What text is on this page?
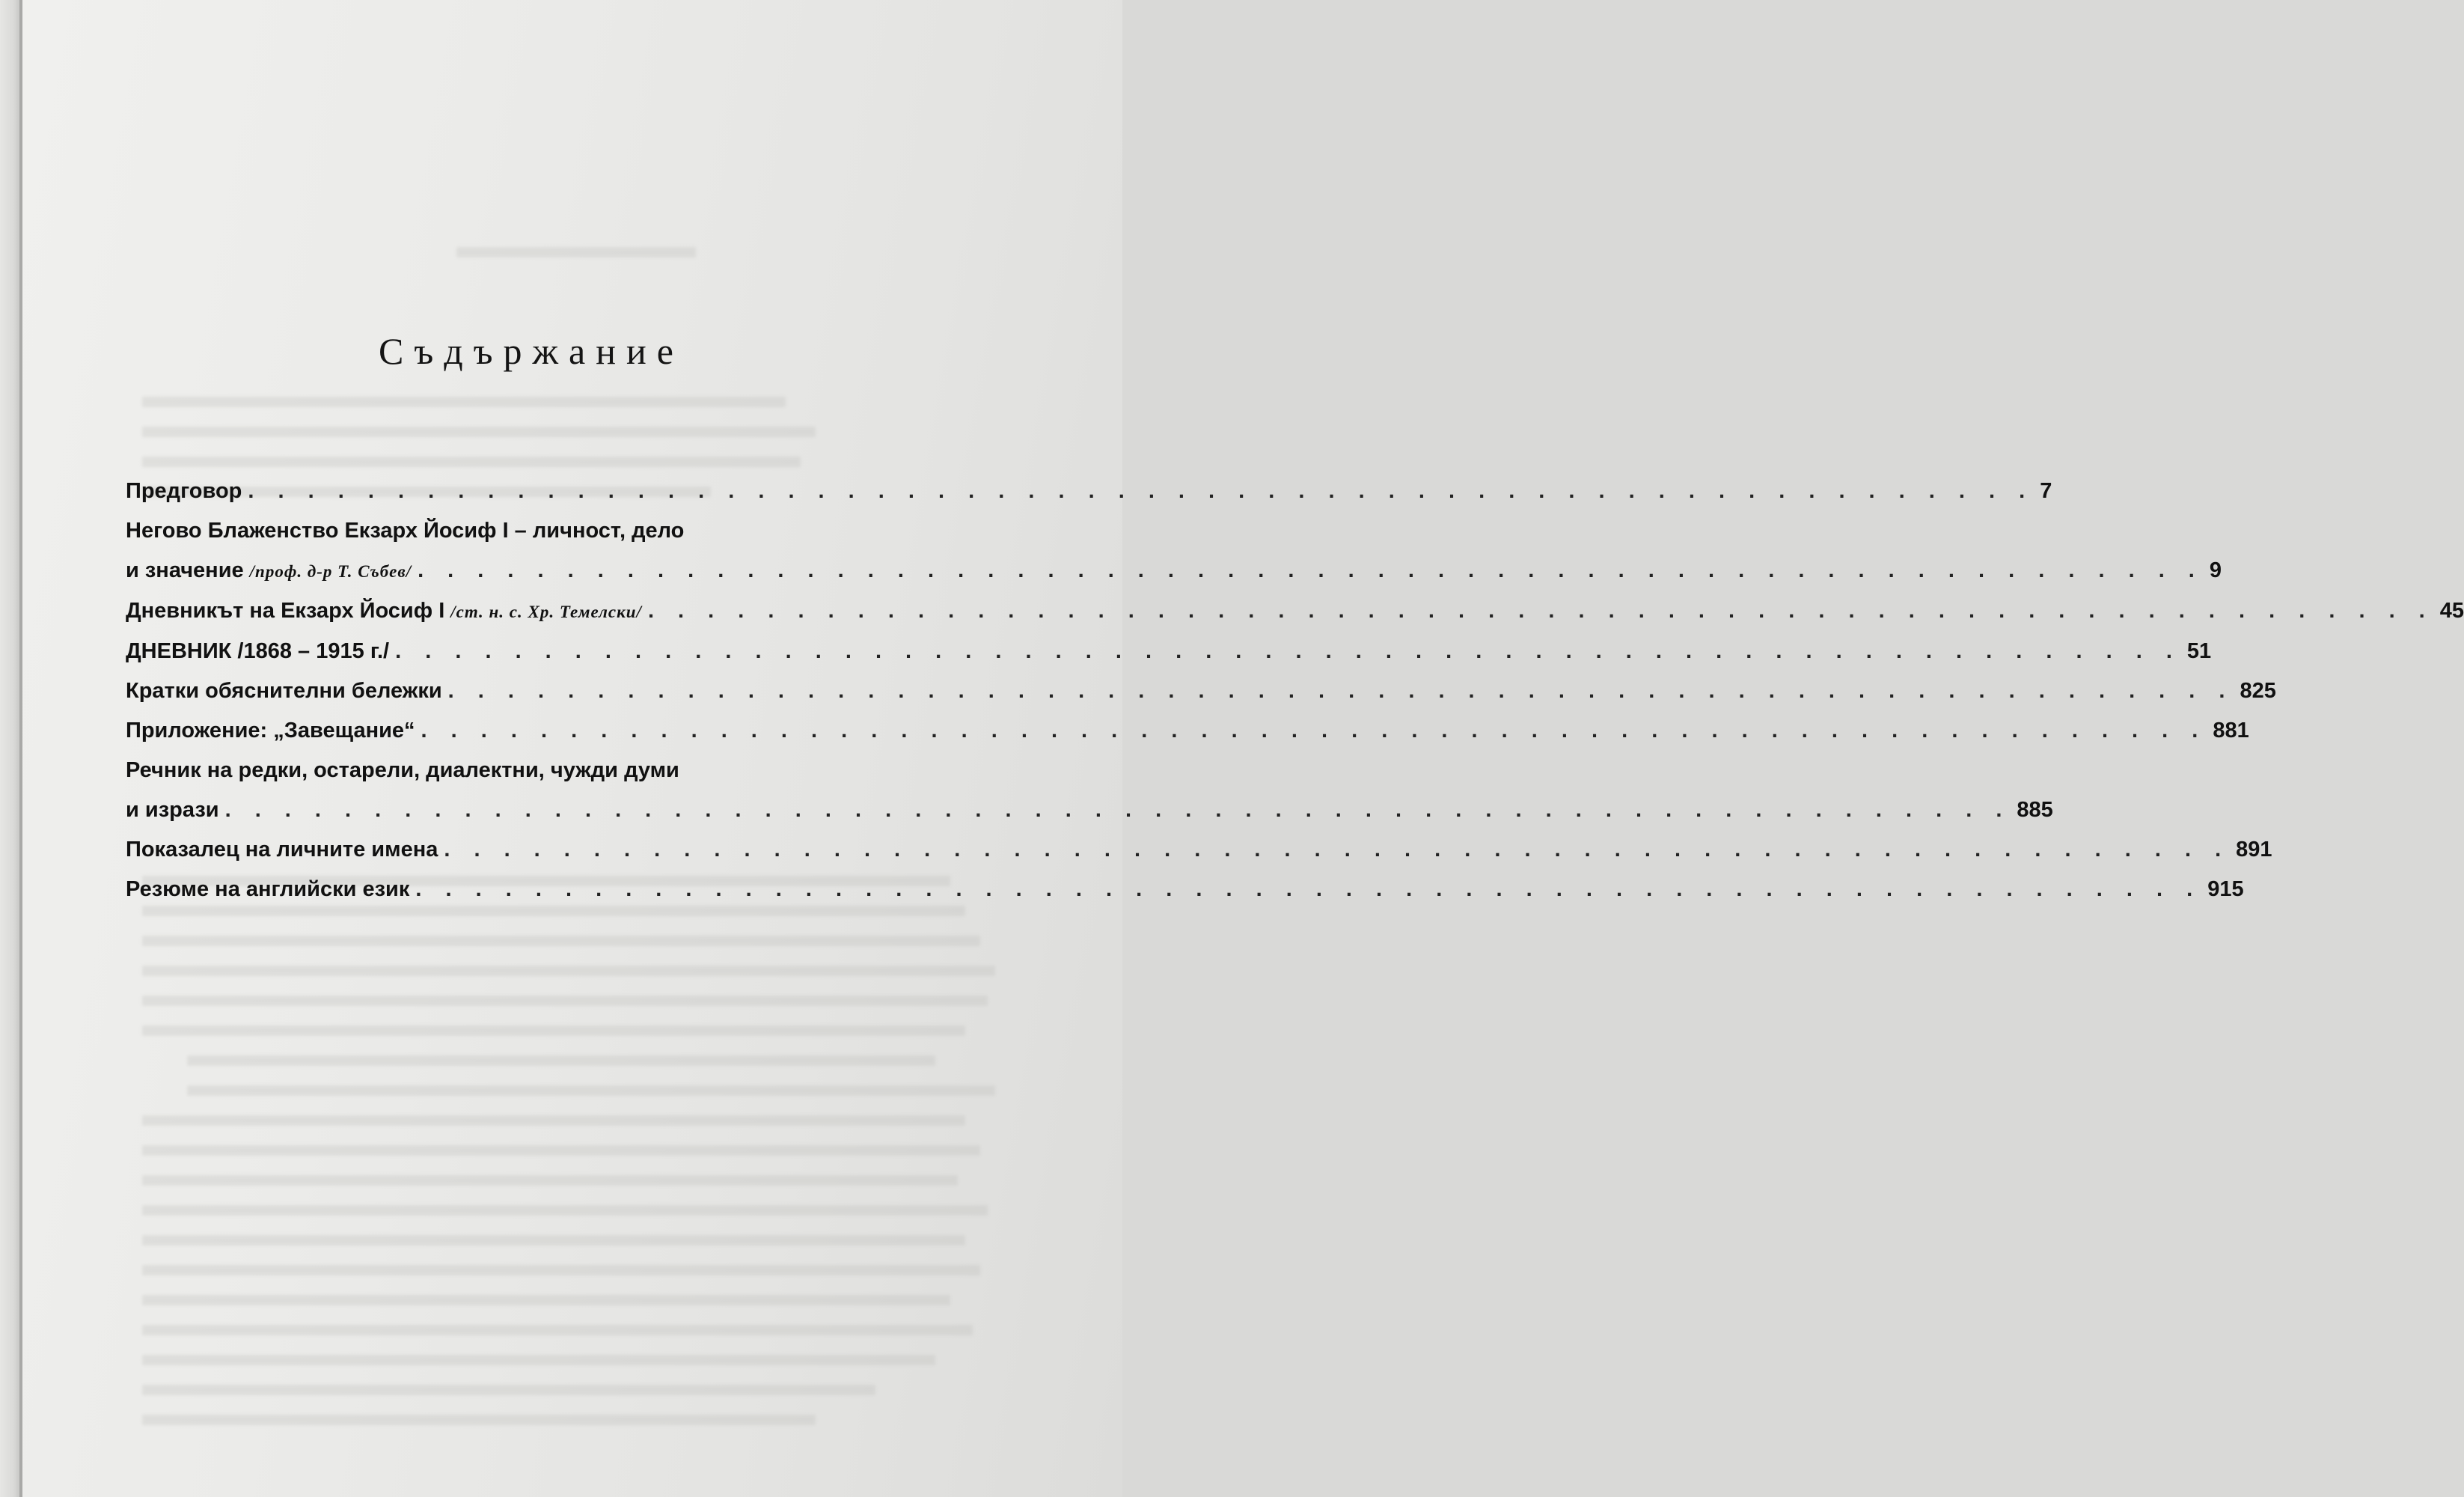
Съдържание
Предговор . . . . . . . . . . . . . . . . . . . . . . . . . . . . . . . . . . . . . . . . . . . . . . . . . . . . . . . . . . . . 7
Негово Блаженство Екзарх Йосиф I – личност, дело
и значение /проф. д-р Т. Събев/ . . . . . . . . . . . . . . . . . . . . . . . . . . . . . . . . . . . . . . . . . . . . . . . . . . . . . . . . . . . . 9
Дневникът на Екзарх Йосиф I /ст. н. с. Хр. Темелски/ . . . . . . . . . . . . . . . . . . . . . . . . . . . . . . . . . . . . . . . . . . . . . . . . . . . . . . . . . . . . 45
ДНЕВНИК /1868 – 1915 г./ . . . . . . . . . . . . . . . . . . . . . . . . . . . . . . . . . . . . . . . . . . . . . . . . . . . . . . . . . . . . 51
Кратки обяснителни бележки . . . . . . . . . . . . . . . . . . . . . . . . . . . . . . . . . . . . . . . . . . . . . . . . . . . . . . . . . . . . 825
Приложение: „Завещание“ . . . . . . . . . . . . . . . . . . . . . . . . . . . . . . . . . . . . . . . . . . . . . . . . . . . . . . . . . . . . 881
Речник на редки, остарели, диалектни, чужди думи
и изрази . . . . . . . . . . . . . . . . . . . . . . . . . . . . . . . . . . . . . . . . . . . . . . . . . . . . . . . . . . . . 885
Показалец на личните имена . . . . . . . . . . . . . . . . . . . . . . . . . . . . . . . . . . . . . . . . . . . . . . . . . . . . . . . . . . . . 891
Резюме на английски език . . . . . . . . . . . . . . . . . . . . . . . . . . . . . . . . . . . . . . . . . . . . . . . . . . . . . . . . . . . . 915
